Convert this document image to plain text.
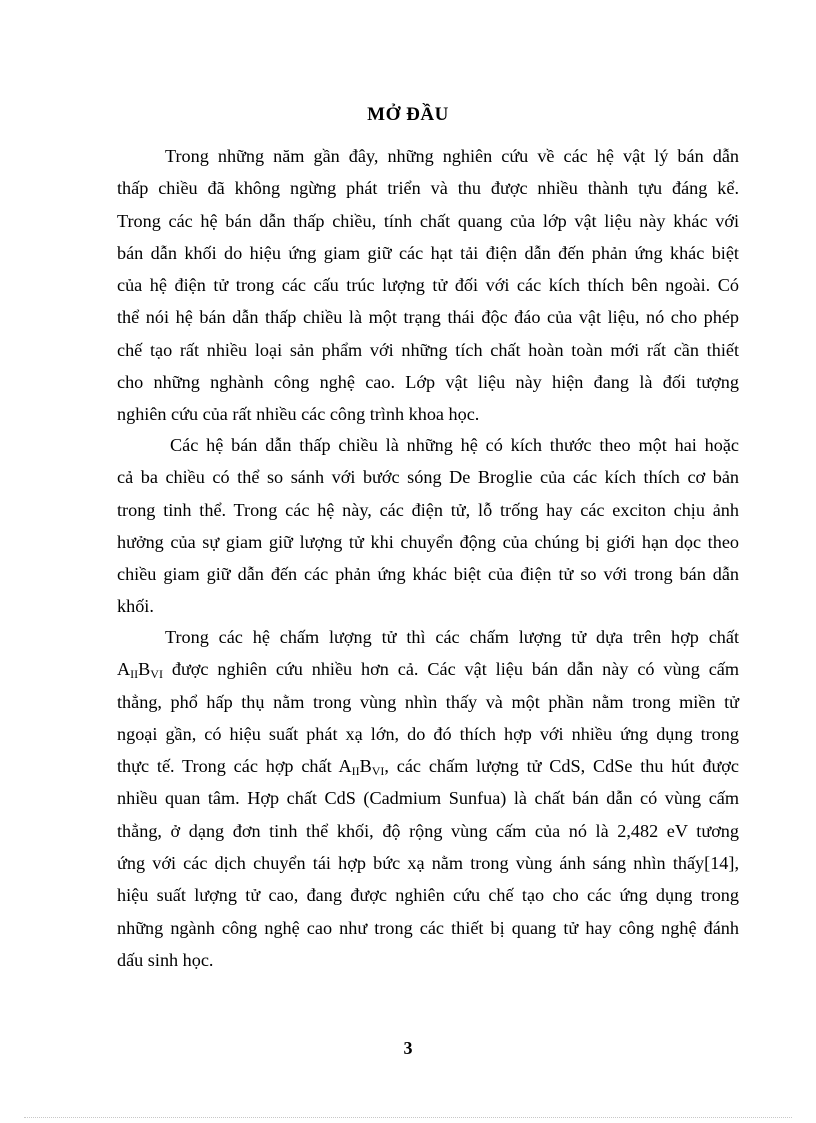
MỞ ĐẦU
Trong những năm gần đây, những nghiên cứu về các hệ vật lý bán dẫn
thấp chiều đã không ngừng phát triển và thu được nhiều thành tựu đáng kể.
Trong các hệ bán dẫn thấp chiều, tính chất quang của lớp vật liệu này khác với
bán dẫn khối do hiệu ứng giam giữ các hạt tải điện dẫn đến phản ứng khác biệt
của hệ điện tử trong các cấu trúc lượng tử đối với các kích thích bên ngoài. Có
thể nói hệ bán dẫn thấp chiều là một trạng thái độc đáo của vật liệu, nó cho phép
chế tạo rất nhiều loại sản phẩm với những tích chất hoàn toàn mới rất cần thiết
cho những nghành công nghệ cao. Lớp vật liệu này hiện đang là đối tượng
nghiên cứu của rất nhiều các công trình khoa học.
Các hệ bán dẫn thấp chiều là những hệ có kích thước theo một hai hoặc
cả ba chiều có thể so sánh với bước sóng De Broglie của các kích thích cơ bản
trong tinh thể. Trong các hệ này, các điện tử, lỗ trống hay các exciton chịu ảnh
hưởng của sự giam giữ lượng tử khi chuyển động của chúng bị giới hạn dọc theo
chiều giam giữ dẫn đến các phản ứng khác biệt của điện tử so với trong bán dẫn
khối.
Trong các hệ chấm lượng tử thì các chấm lượng tử dựa trên hợp chất
$A_{II}B_{VI}$ được nghiên cứu nhiều hơn cả. Các vật liệu bán dẫn này có vùng cấm
thẳng, phổ hấp thụ nằm trong vùng nhìn thấy và một phần nằm trong miền tử
ngoại gần, có hiệu suất phát xạ lớn, do đó thích hợp với nhiều ứng dụng trong
thực tế. Trong các hợp chất $A_{II}B_{VI}$, các chấm lượng tử CdS, CdSe thu hút được
nhiều quan tâm. Hợp chất CdS (Cadmium Sunfua) là chất bán dẫn có vùng cấm
thẳng, ở dạng đơn tinh thể khối, độ rộng vùng cấm của nó là 2,482 eV tương
ứng với các dịch chuyển tái hợp bức xạ nằm trong vùng ánh sáng nhìn thấy[14],
hiệu suất lượng tử cao, đang được nghiên cứu chế tạo cho các ứng dụng trong
những ngành công nghệ cao như trong các thiết bị quang tử hay công nghệ đánh
dấu sinh học.
3
